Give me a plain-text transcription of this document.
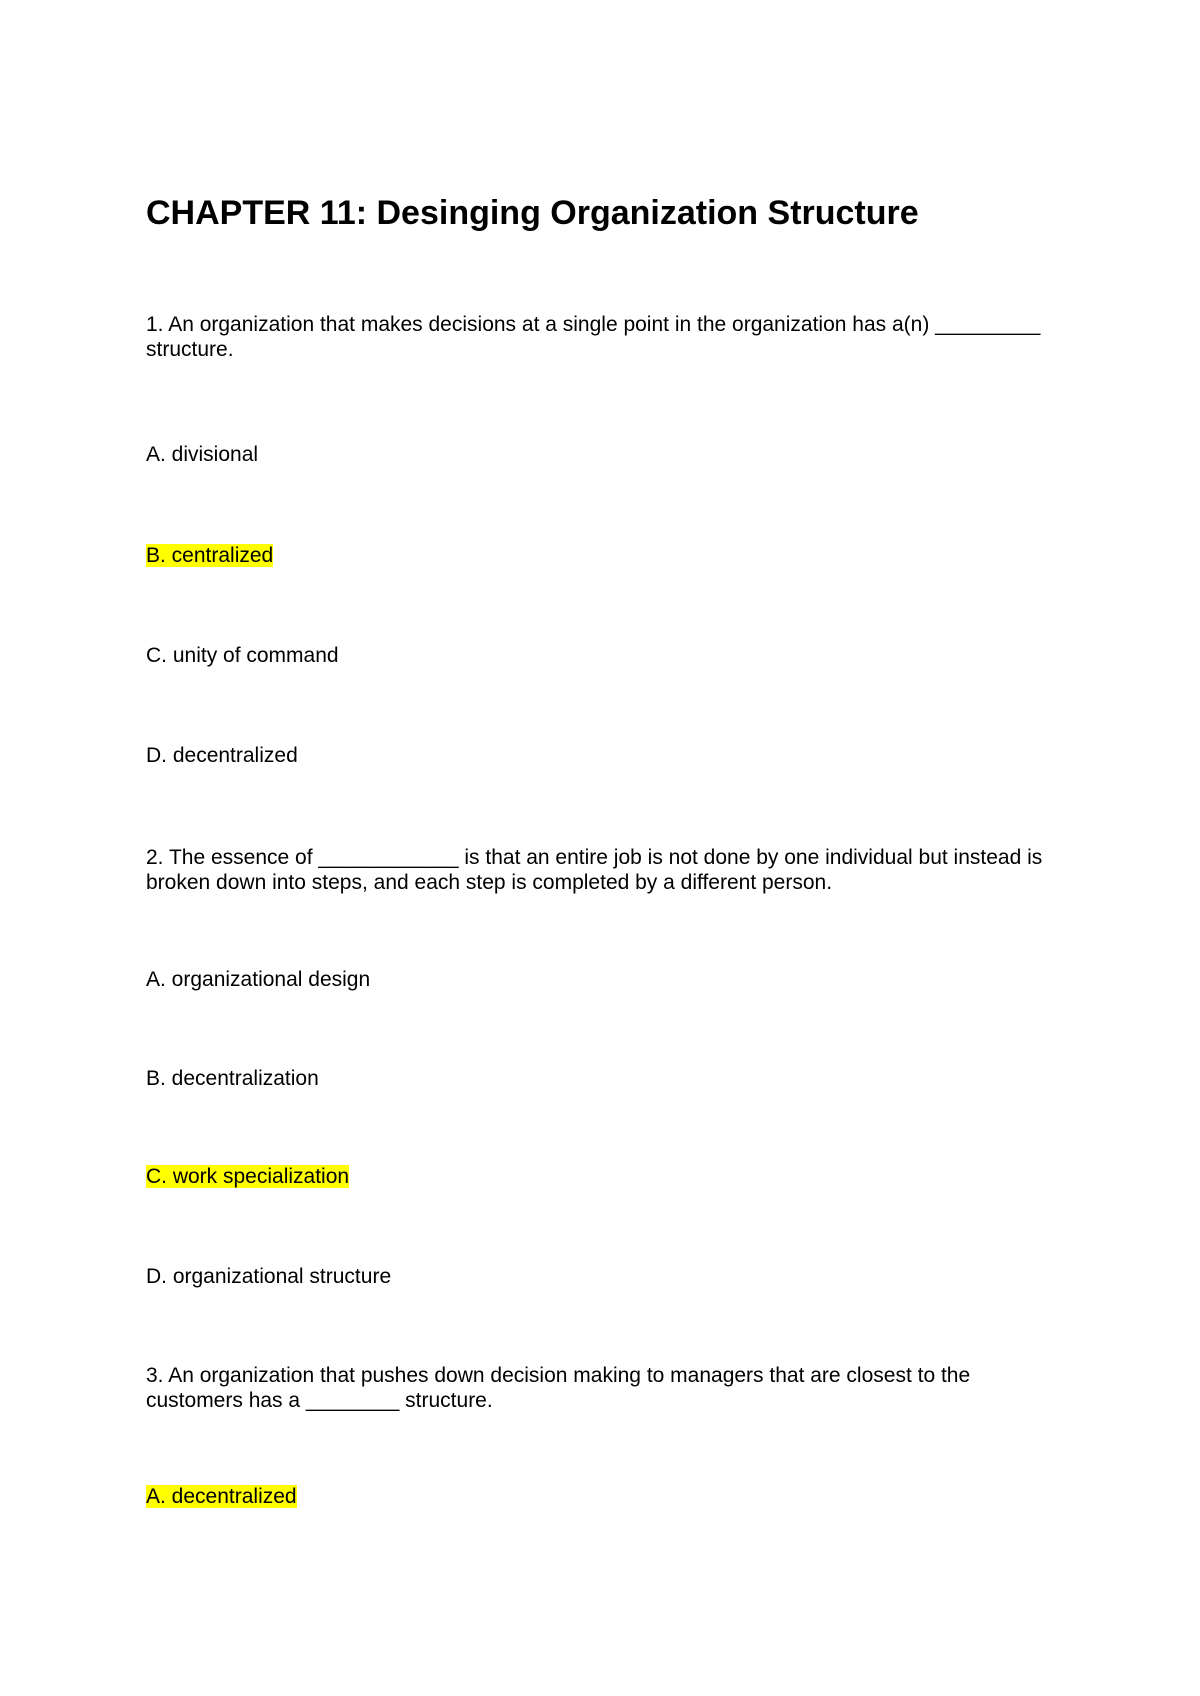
CHAPTER 11: Desinging Organization Structure

1. An organization that makes decisions at a single point in the organization has a(n) _________ structure.

A. divisional

B. centralized

C. unity of command

D. decentralized

2. The essence of ____________ is that an entire job is not done by one individual but instead is broken down into steps, and each step is completed by a different person.

A. organizational design

B. decentralization

C. work specialization

D. organizational structure

3. An organization that pushes down decision making to managers that are closest to the customers has a ________ structure.

A. decentralized
